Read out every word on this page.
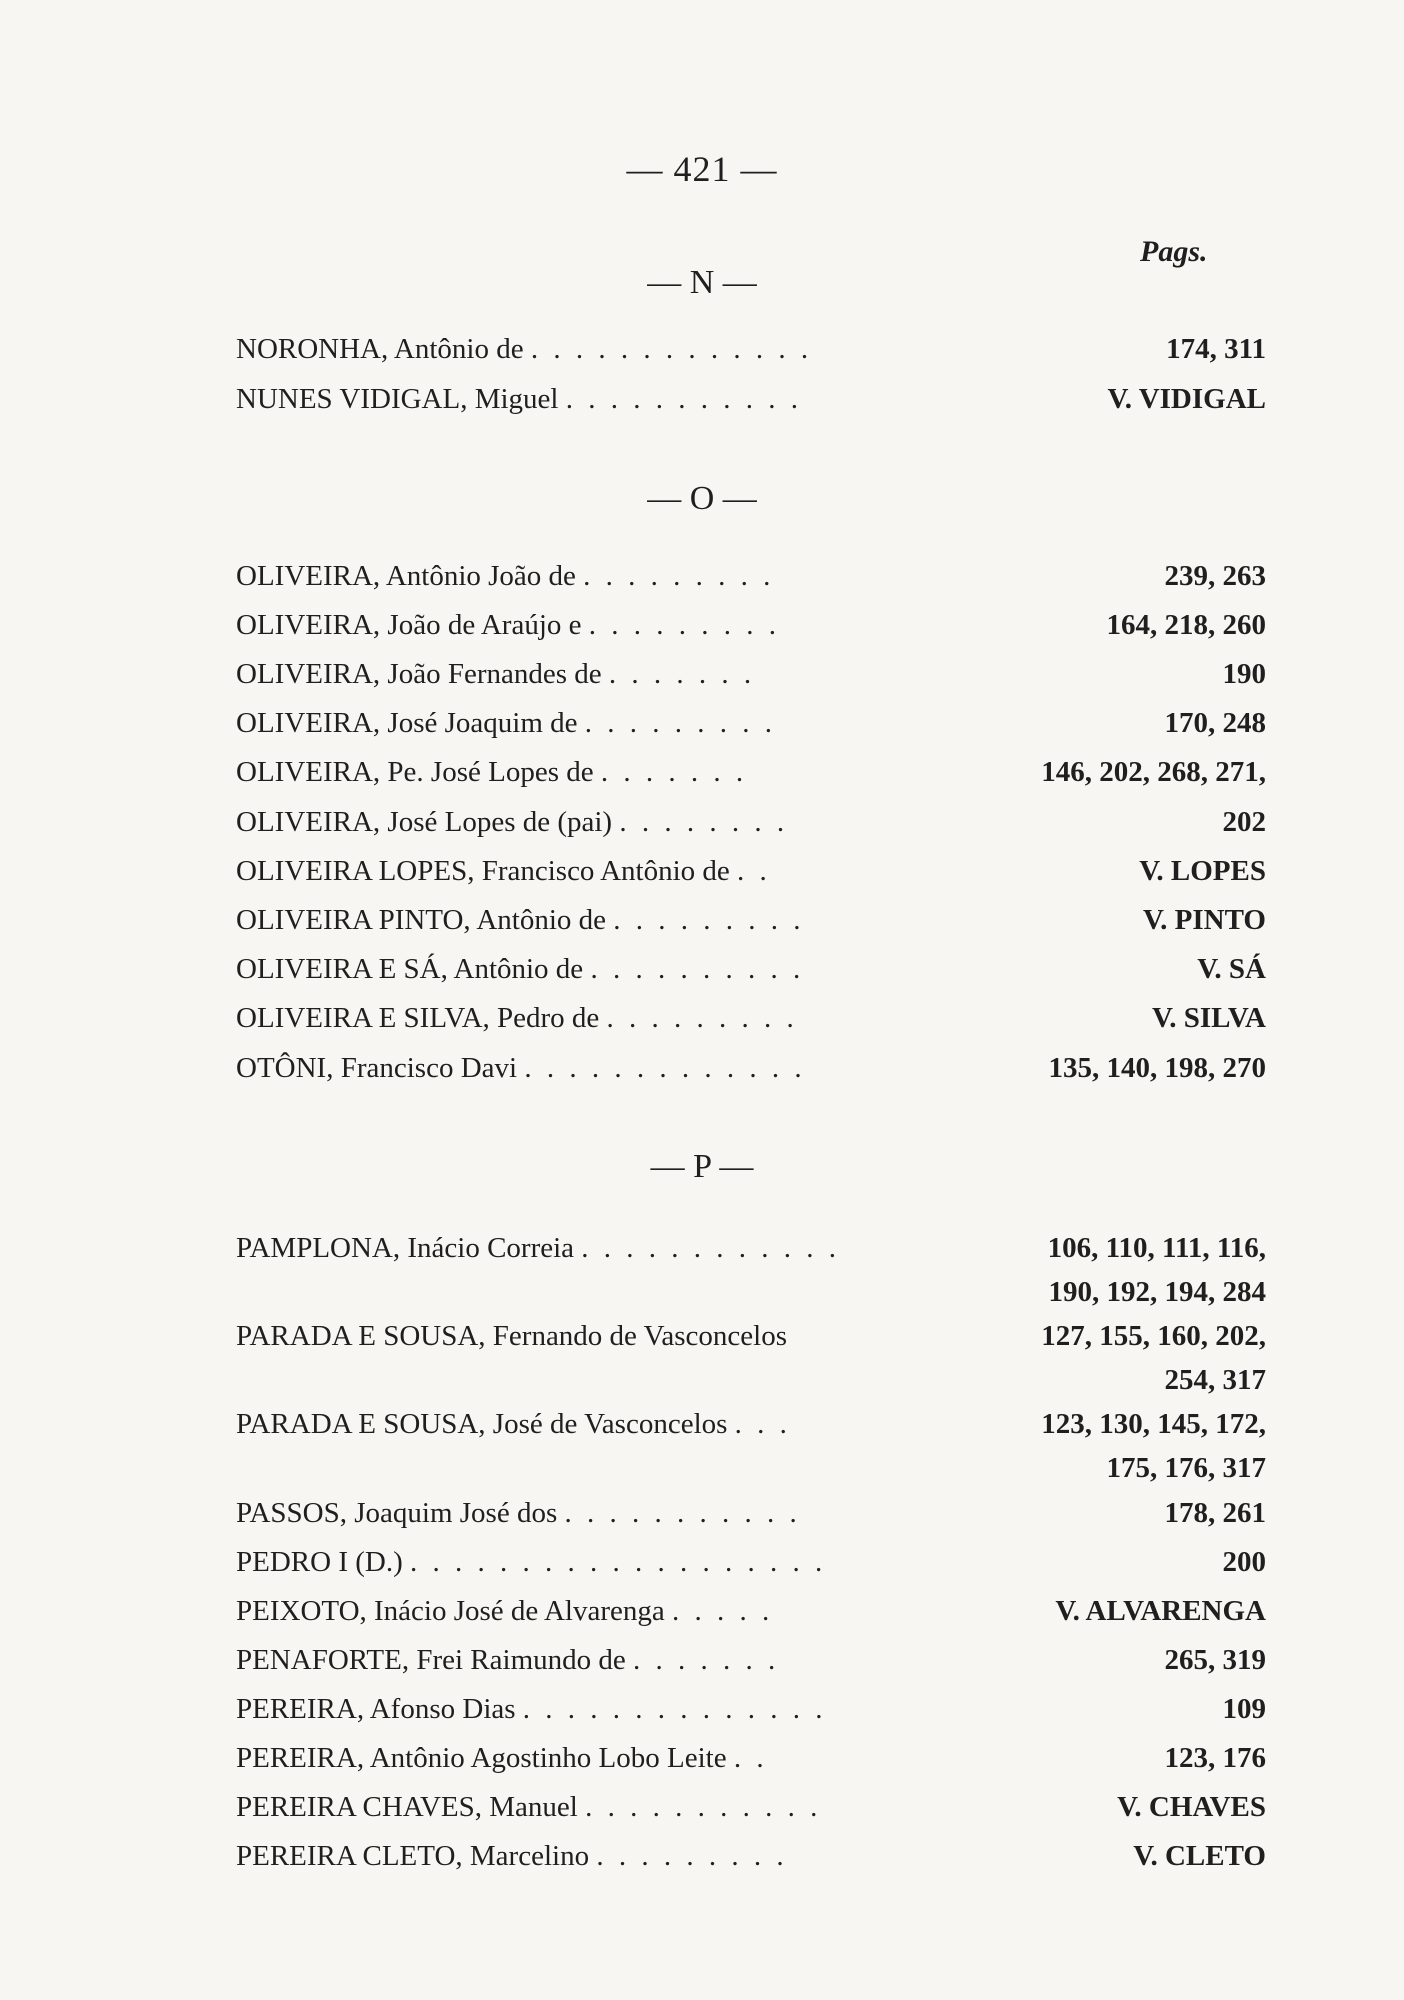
— 421 —
Pags.
— N —
NORONHA, Antônio de . . . . . . . . . . . . .	174, 311
NUNES VIDIGAL, Miguel . . . . . . . . . . .	V. VIDIGAL
— O —
OLIVEIRA, Antônio João de . . . . . . . . .	239, 263
OLIVEIRA, João de Araújo e . . . . . . . . .	164, 218, 260
OLIVEIRA, João Fernandes de . . . . . . .	190
OLIVEIRA, José Joaquim de . . . . . . . . .	170, 248
OLIVEIRA, Pe. José Lopes de . . . . . . .	146, 202, 268, 271,
OLIVEIRA, José Lopes de (pai) . . . . . . . .	202
OLIVEIRA LOPES, Francisco Antônio de . .	V. LOPES
OLIVEIRA PINTO, Antônio de . . . . . . . . .	V. PINTO
OLIVEIRA E SÁ, Antônio de . . . . . . . . . .	V. SÁ
OLIVEIRA E SILVA, Pedro de . . . . . . . . .	V. SILVA
OTÔNI, Francisco Davi . . . . . . . . . . . . .	135, 140, 198, 270
— P —
PAMPLONA, Inácio Correia . . . . . . . . . . . .	106, 110, 111, 116,
190, 192, 194, 284
PARADA E SOUSA, Fernando de Vasconcelos	127, 155, 160, 202,
254, 317
PARADA E SOUSA, José de Vasconcelos . . .	123, 130, 145, 172,
175, 176, 317
PASSOS, Joaquim José dos . . . . . . . . . . .	178, 261
PEDRO I (D.) . . . . . . . . . . . . . . . . . . .	200
PEIXOTO, Inácio José de Alvarenga . . . . .	V. ALVARENGA
PENAFORTE, Frei Raimundo de . . . . . . .	265, 319
PEREIRA, Afonso Dias . . . . . . . . . . . . . .	109
PEREIRA, Antônio Agostinho Lobo Leite . .	123, 176
PEREIRA CHAVES, Manuel . . . . . . . . . . .	V. CHAVES
PEREIRA CLETO, Marcelino . . . . . . . . .	V. CLETO
